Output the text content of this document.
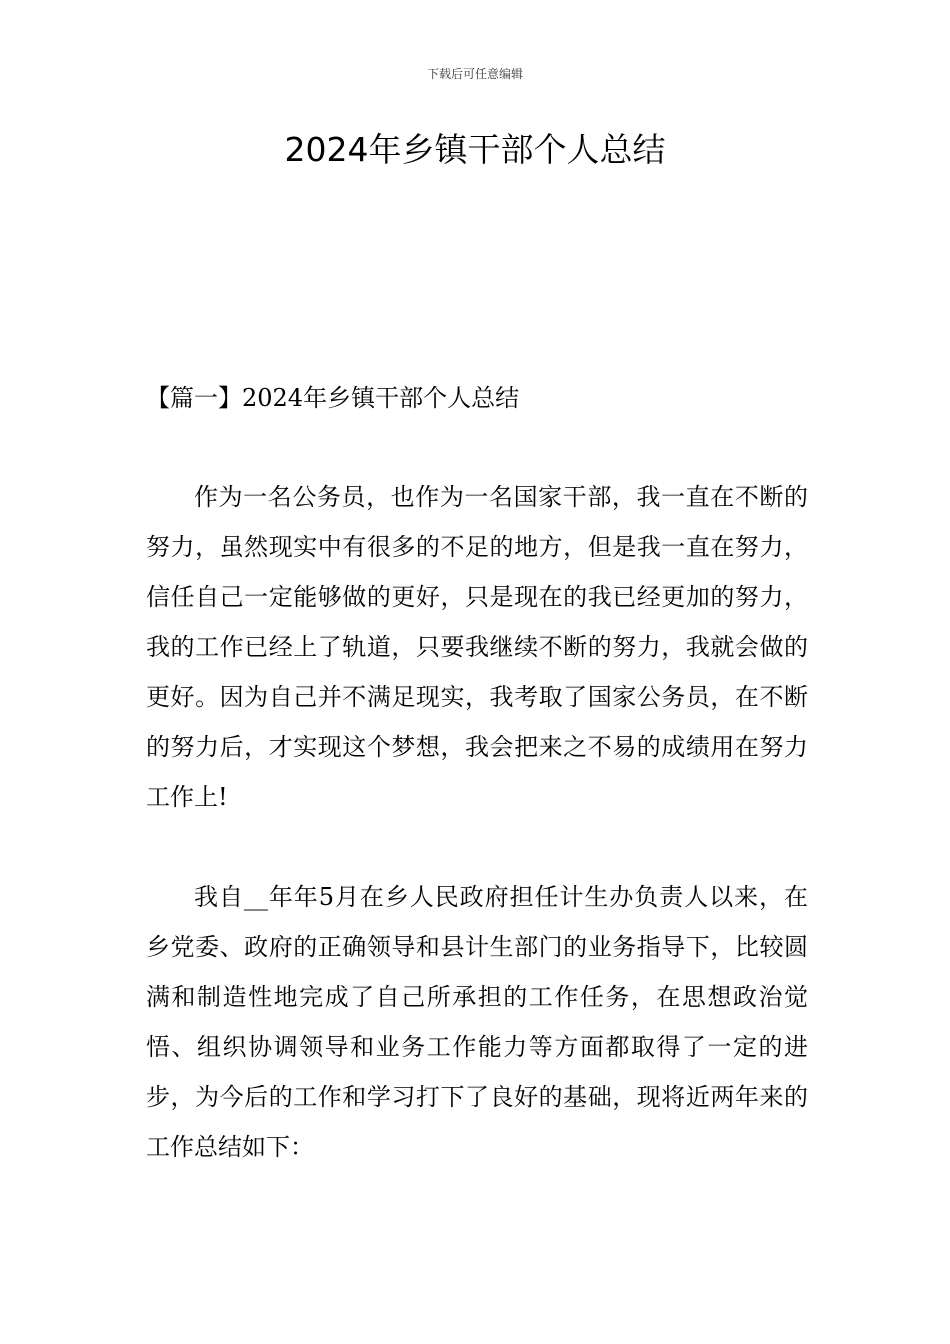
下载后可任意编辑
2024年乡镇干部个人总结
【篇一】2024年乡镇干部个人总结

作为一名公务员，也作为一名国家干部，我一直在不断的努力，虽然现实中有很多的不足的地方，但是我一直在努力，信任自己一定能够做的更好，只是现在的我已经更加的努力，我的工作已经上了轨道，只要我继续不断的努力，我就会做的更好。因为自己并不满足现实，我考取了国家公务员，在不断的努力后，才实现这个梦想，我会把来之不易的成绩用在努力工作上!

我自__年年5月在乡人民政府担任计生办负责人以来，在乡党委、政府的正确领导和县计生部门的业务指导下，比较圆满和制造性地完成了自己所承担的工作任务，在思想政治觉悟、组织协调领导和业务工作能力等方面都取得了一定的进步，为今后的工作和学习打下了良好的基础，现将近两年来的工作总结如下：
